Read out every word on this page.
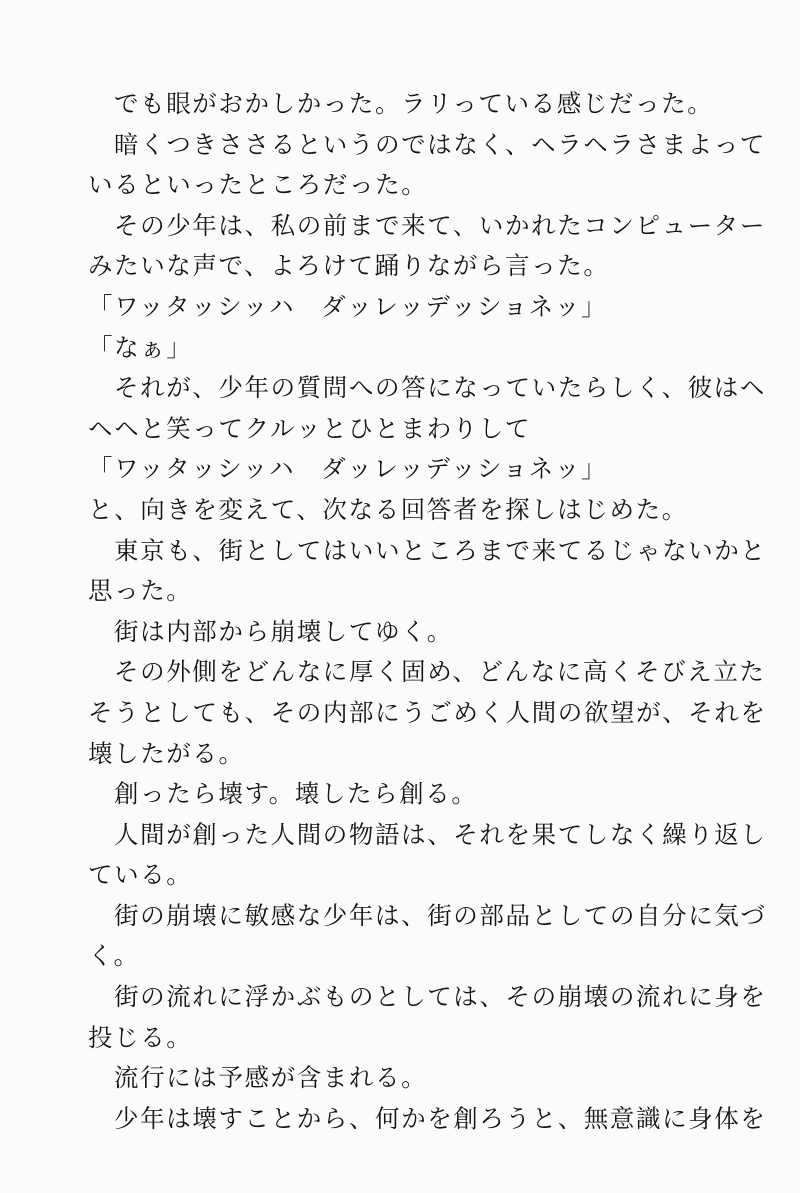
でも眼がおかしかった。ラリっている感じだった。
暗くつきささるというのではなく、ヘラヘラさまよって
いるといったところだった。
その少年は、私の前まで来て、いかれたコンピューター
みたいな声で、よろけて踊りながら言った。
「ワッタッシッハ　ダッレッデッショネッ」
「なぁ」
それが、少年の質問への答になっていたらしく、彼はヘ
ヘヘと笑ってクルッとひとまわりして
「ワッタッシッハ　ダッレッデッショネッ」
と、向きを変えて、次なる回答者を探しはじめた。
東京も、街としてはいいところまで来てるじゃないかと
思った。
街は内部から崩壊してゆく。
その外側をどんなに厚く固め、どんなに高くそびえ立た
そうとしても、その内部にうごめく人間の欲望が、それを
壊したがる。
創ったら壊す。壊したら創る。
人間が創った人間の物語は、それを果てしなく繰り返し
ている。
街の崩壊に敏感な少年は、街の部品としての自分に気づ
く。
街の流れに浮かぶものとしては、その崩壊の流れに身を
投じる。
流行には予感が含まれる。
少年は壊すことから、何かを創ろうと、無意識に身体を
